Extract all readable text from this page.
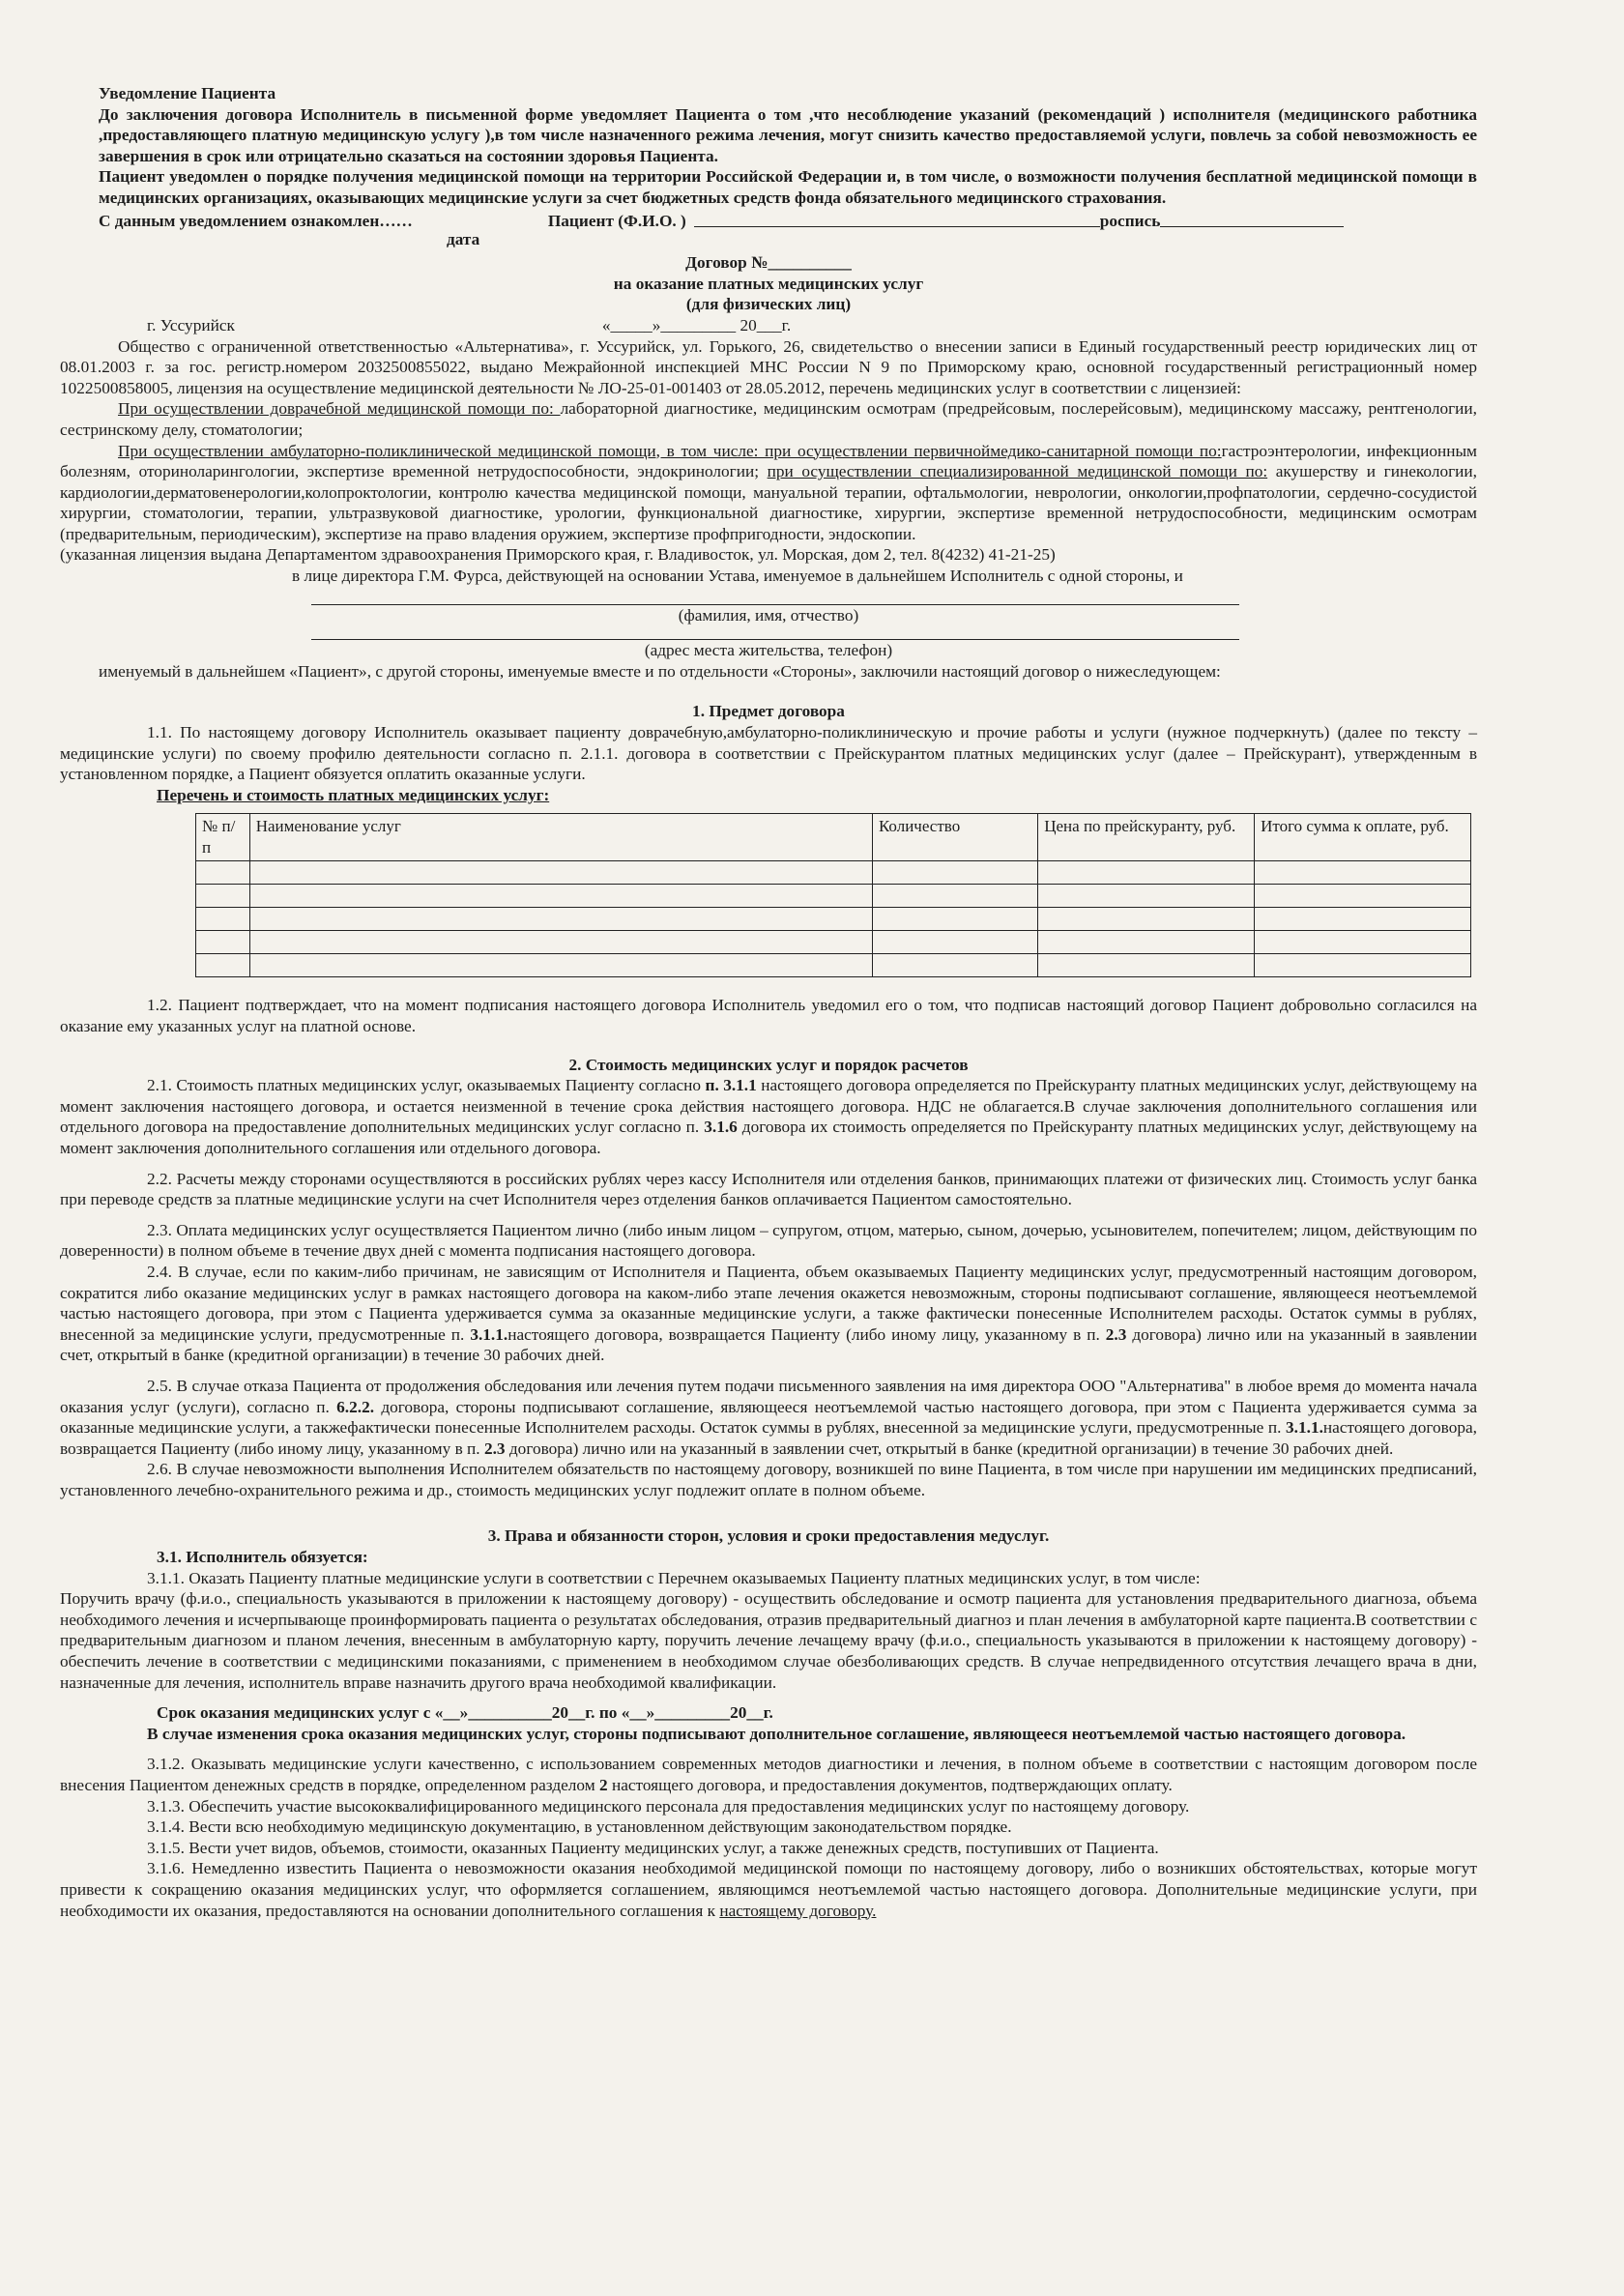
Уведомление Пациента

До заключения договора Исполнитель в письменной форме уведомляет Пациента о том ,что несоблюдение указаний (рекомендаций ) исполнителя (медицинского работника ,предоставляющего платную медицинскую услугу ),в том числе назначенного режима лечения, могут снизить качество предоставляемой услуги, повлечь за собой невозможность ее завершения в срок или отрицательно сказаться на состоянии здоровья Пациента.

Пациент уведомлен о порядке получения медицинской помощи на территории Российской Федерации и, в том числе, о возможности получения бесплатной медицинской помощи в медицинских организациях, оказывающих медицинские услуги за счет бюджетных средств фонда обязательного медицинского страхования.

С данным уведомлением ознакомлен……	Пациент (Ф.И.О. )	роспись

дата

Договор №__________

на оказание платных медицинских услуг

(для физических лиц)

г. Уссурийск	«_____»_________ 20___г.

Общество с ограниченной ответственностью «Альтернатива», г. Уссурийск, ул. Горького, 26, свидетельство о внесении записи в Единый государственный реестр юридических лиц от 08.01.2003 г. за гос. регистр.номером 2032500855022, выдано Межрайонной инспекцией МНС России N 9 по Приморскому краю, основной государственный регистрационный номер 1022500858005, лицензия на осуществление медицинской деятельности № ЛО-25-01-001403 от 28.05.2012, перечень медицинских услуг в соответствии с лицензией:

При осуществлении доврачебной медицинской помощи по: лабораторной диагностике, медицинским осмотрам (предрейсовым, послерейсовым), медицинскому массажу, рентгенологии, сестринскому делу, стоматологии;

При осуществлении амбулаторно-поликлинической медицинской помощи, в том числе: при осуществлении первичноймедико-санитарной помощи по:гастроэнтерологии, инфекционным болезням, оториноларингологии, экспертизе временной нетрудоспособности, эндокринологии; при осуществлении специализированной медицинской помощи по: акушерству и гинекологии, кардиологии,дерматовенерологии,колопроктологии, контролю качества медицинской помощи, мануальной терапии, офтальмологии, неврологии, онкологии,профпатологии, сердечно-сосудистой хирургии, стоматологии, терапии, ультразвуковой диагностике, урологии, функциональной диагностике, хирургии, экспертизе временной нетрудоспособности, медицинским осмотрам (предварительным, периодическим), экспертизе на право владения оружием, экспертизе профпригодности, эндоскопии.

(указанная лицензия выдана Департаментом здравоохранения Приморского края, г. Владивосток, ул. Морская, дом 2, тел. 8(4232) 41-21-25)

в лице директора Г.М. Фурса, действующей на основании Устава, именуемое в дальнейшем Исполнитель с одной стороны, и

(фамилия, имя, отчество)

(адрес места жительства, телефон)

именуемый в дальнейшем «Пациент», с другой стороны, именуемые вместе и по отдельности «Стороны», заключили настоящий договор о нижеследующем:

1. Предмет договора

1.1. По настоящему договору Исполнитель оказывает пациенту доврачебную,амбулаторно-поликлиническую и прочие работы и услуги (нужное подчеркнуть) (далее по тексту – медицинские услуги) по своему профилю деятельности согласно п. 2.1.1. договора в соответствии с Прейскурантом платных медицинских услуг (далее – Прейскурант), утвержденным в установленном порядке, а Пациент обязуется оплатить оказанные услуги.

Перечень и стоимость платных медицинских услуг:

№ п/п	Наименование услуг	Количество	Цена по прейскуранту, руб.	Итого сумма к оплате, руб.

1.2. Пациент подтверждает, что на момент подписания настоящего договора Исполнитель уведомил его о том, что подписав настоящий договор Пациент добровольно согласился на оказание ему указанных услуг на платной основе.

2. Стоимость медицинских услуг и порядок расчетов

2.1. Стоимость платных медицинских услуг, оказываемых Пациенту согласно п. 3.1.1 настоящего договора определяется по Прейскуранту платных медицинских услуг, действующему на момент заключения настоящего договора, и остается неизменной в течение срока действия настоящего договора. НДС не облагается.В случае заключения дополнительного соглашения или отдельного договора на предоставление дополнительных медицинских услуг согласно п. 3.1.6 договора их стоимость определяется по Прейскуранту платных медицинских услуг, действующему на момент заключения дополнительного соглашения или отдельного договора.

2.2. Расчеты между сторонами осуществляются в российских рублях через кассу Исполнителя или отделения банков, принимающих платежи от физических лиц. Стоимость услуг банка при переводе средств за платные медицинские услуги на счет Исполнителя через отделения банков оплачивается Пациентом самостоятельно.

2.3. Оплата медицинских услуг осуществляется Пациентом лично (либо иным лицом – супругом, отцом, матерью, сыном, дочерью, усыновителем, попечителем; лицом, действующим по доверенности) в полном объеме в течение двух дней с момента подписания настоящего договора.

2.4. В случае, если по каким-либо причинам, не зависящим от Исполнителя и Пациента, объем оказываемых Пациенту медицинских услуг, предусмотренный настоящим договором, сократится либо оказание медицинских услуг в рамках настоящего договора на каком-либо этапе лечения окажется невозможным, стороны подписывают соглашение, являющееся неотъемлемой частью настоящего договора, при этом с Пациента удерживается сумма за оказанные медицинские услуги, а также фактически понесенные Исполнителем расходы. Остаток суммы в рублях, внесенной за медицинские услуги, предусмотренные п. 3.1.1.настоящего договора, возвращается Пациенту (либо иному лицу, указанному в п. 2.3 договора) лично или на указанный в заявлении счет, открытый в банке (кредитной организации) в течение 30 рабочих дней.

2.5. В случае отказа Пациента от продолжения обследования или лечения путем подачи письменного заявления на имя директора ООО "Альтернатива" в любое время до момента начала оказания услуг (услуги), согласно п. 6.2.2. договора, стороны подписывают соглашение, являющееся неотъемлемой частью настоящего договора, при этом с Пациента удерживается сумма за оказанные медицинские услуги, а такжефактически понесенные Исполнителем расходы. Остаток суммы в рублях, внесенной за медицинские услуги, предусмотренные п. 3.1.1.настоящего договора, возвращается Пациенту (либо иному лицу, указанному в п. 2.3 договора) лично или на указанный в заявлении счет, открытый в банке (кредитной организации) в течение 30 рабочих дней.

2.6. В случае невозможности выполнения Исполнителем обязательств по настоящему договору, возникшей по вине Пациента, в том числе при нарушении им медицинских предписаний, установленного лечебно-охранительного режима и др., стоимость медицинских услуг подлежит оплате в полном объеме.

3. Права и обязанности сторон, условия и сроки предоставления медуслуг.

3.1. Исполнитель обязуется:

3.1.1. Оказать Пациенту платные медицинские услуги в соответствии с Перечнем оказываемых Пациенту платных медицинских услуг, в том числе:

Поручить врачу (ф.и.о., специальность указываются в приложении к настоящему договору) - осуществить обследование и осмотр пациента для установления предварительного диагноза, объема необходимого лечения и исчерпывающе проинформировать пациента о результатах обследования, отразив предварительный диагноз и план лечения в амбулаторной карте пациента.В соответствии с предварительным диагнозом и планом лечения, внесенным в амбулаторную карту, поручить лечение лечащему врачу (ф.и.о., специальность указываются в приложении к настоящему договору) - обеспечить лечение в соответствии с медицинскими показаниями, с применением в необходимом случае обезболивающих средств. В случае непредвиденного отсутствия лечащего врача в дни, назначенные для лечения, исполнитель вправе назначить другого врача необходимой квалификации.

Срок оказания медицинских услуг с «__»__________20__г. по «__»_________20__г.

В случае изменения срока оказания медицинских услуг, стороны подписывают дополнительное соглашение, являющееся неотъемлемой частью настоящего договора.

3.1.2. Оказывать медицинские услуги качественно, с использованием современных методов диагностики и лечения, в полном объеме в соответствии с настоящим договором после внесения Пациентом денежных средств в порядке, определенном разделом 2 настоящего договора, и предоставления документов, подтверждающих оплату.

3.1.3. Обеспечить участие высококвалифицированного медицинского персонала для предоставления медицинских услуг по настоящему договору.

3.1.4. Вести всю необходимую медицинскую документацию, в установленном действующим законодательством порядке.

3.1.5. Вести учет видов, объемов, стоимости, оказанных Пациенту медицинских услуг, а также денежных средств, поступивших от Пациента.

3.1.6. Немедленно известить Пациента о невозможности оказания необходимой медицинской помощи по настоящему договору, либо о возникших обстоятельствах, которые могут привести к сокращению оказания медицинских услуг, что оформляется соглашением, являющимся неотъемлемой частью настоящего договора. Дополнительные медицинские услуги, при необходимости их оказания, предоставляются на основании дополнительного соглашения к настоящему договору.
